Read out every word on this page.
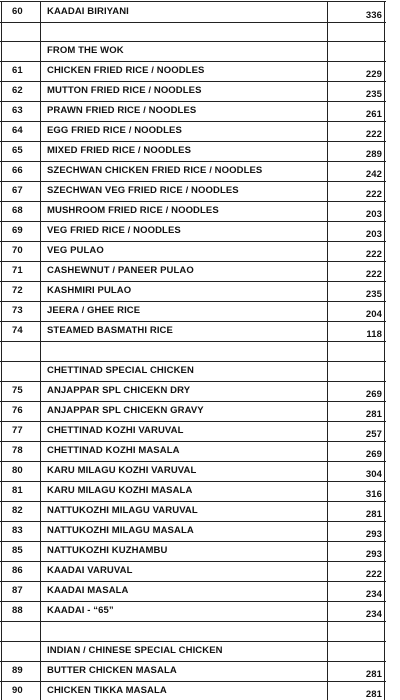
60	KAADAI BIRIYANI	336
FROM THE WOK
61	CHICKEN FRIED RICE / NOODLES	229
62	MUTTON FRIED RICE / NOODLES	235
63	PRAWN FRIED RICE / NOODLES	261
64	EGG FRIED RICE / NOODLES	222
65	MIXED FRIED RICE / NOODLES	289
66	SZECHWAN CHICKEN FRIED RICE / NOODLES	242
67	SZECHWAN VEG FRIED RICE / NOODLES	222
68	MUSHROOM FRIED RICE / NOODLES	203
69	VEG FRIED RICE / NOODLES	203
70	VEG PULAO	222
71	CASHEWNUT / PANEER PULAO	222
72	KASHMIRI PULAO	235
73	JEERA / GHEE RICE	204
74	STEAMED BASMATHI RICE	118
CHETTINAD SPECIAL CHICKEN
75	ANJAPPAR SPL CHICEKN DRY	269
76	ANJAPPAR SPL CHICEKN GRAVY	281
77	CHETTINAD KOZHI VARUVAL	257
78	CHETTINAD KOZHI MASALA	269
80	KARU MILAGU KOZHI VARUVAL	304
81	KARU MILAGU KOZHI MASALA	316
82	NATTUKOZHI MILAGU VARUVAL	281
83	NATTUKOZHI MILAGU MASALA	293
85	NATTUKOZHI KUZHAMBU	293
86	KAADAI VARUVAL	222
87	KAADAI MASALA	234
88	KAADAI - “65”	234
INDIAN / CHINESE SPECIAL CHICKEN
89	BUTTER CHICKEN MASALA	281
90	CHICKEN TIKKA MASALA	281
